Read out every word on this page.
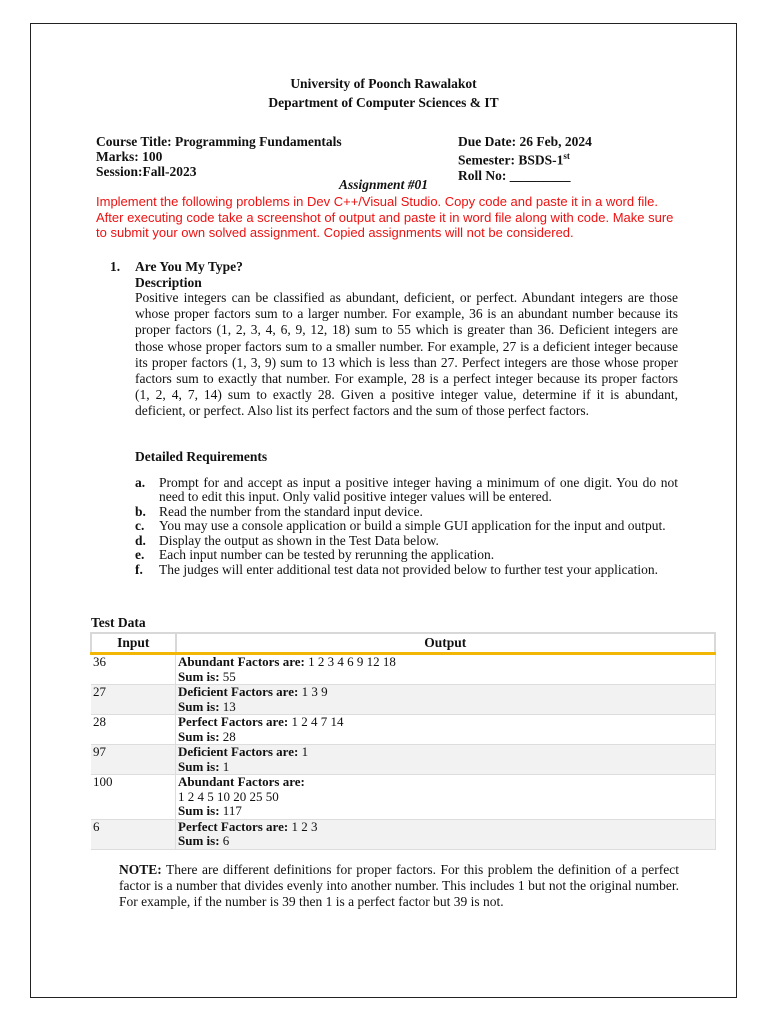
University of Poonch Rawalakot
Department of Computer Sciences & IT
Course Title: Programming Fundamentals
Marks: 100
Session:Fall-2023
Due Date: 26 Feb, 2024
Semester: BSDS-1st
Roll No: _________
Assignment #01
Implement the following problems in Dev C++/Visual Studio. Copy code and paste it in a word file. After executing code take a screenshot of output and paste it in word file along with code. Make sure to submit your own solved assignment. Copied assignments will not be considered.
1. Are You My Type?
Description
Positive integers can be classified as abundant, deficient, or perfect. Abundant integers are those whose proper factors sum to a larger number. For example, 36 is an abundant number because its proper factors (1, 2, 3, 4, 6, 9, 12, 18) sum to 55 which is greater than 36. Deficient integers are those whose proper factors sum to a smaller number. For example, 27 is a deficient integer because its proper factors (1, 3, 9) sum to 13 which is less than 27. Perfect integers are those whose proper factors sum to exactly that number. For example, 28 is a perfect integer because its proper factors (1, 2, 4, 7, 14) sum to exactly 28. Given a positive integer value, determine if it is abundant, deficient, or perfect. Also list its perfect factors and the sum of those perfect factors.
Detailed Requirements
a.	Prompt for and accept as input a positive integer having a minimum of one digit. You do not need to edit this input. Only valid positive integer values will be entered.
b. Read the number from the standard input device.
c.	You may use a console application or build a simple GUI application for the input and output.
d. Display the output as shown in the Test Data below.
e.	Each input number can be tested by rerunning the application.
f.	The judges will enter additional test data not provided below to further test your application.
Test Data
Input	Output
36	Abundant Factors are: 1 2 3 4 6 9 12 18
Sum is: 55
27	Deficient Factors are: 1 3 9
Sum is: 13
28	Perfect Factors are: 1 2 4 7 14
Sum is: 28
97	Deficient Factors are: 1
Sum is: 1
100	Abundant Factors are:
1 2 4 5 10 20 25 50
Sum is: 117
6	Perfect Factors are: 1 2 3
Sum is: 6
NOTE: There are different definitions for proper factors. For this problem the definition of a perfect factor is a number that divides evenly into another number. This includes 1 but not the original number. For example, if the number is 39 then 1 is a perfect factor but 39 is not.
